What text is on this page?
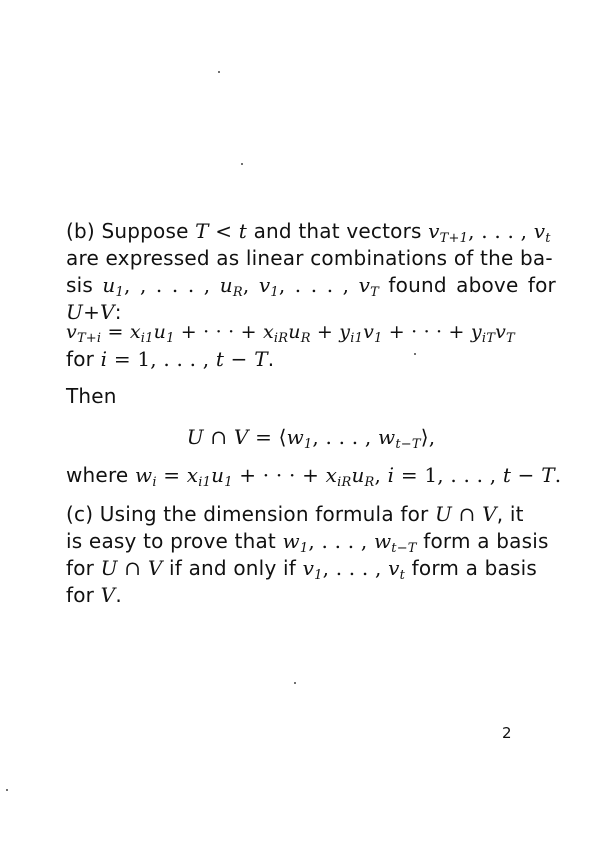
(b) Suppose T < t and that vectors $v_{T+1}$, . . . , $v_t$
are expressed as linear combinations of the ba-
sis $u_1$, , . . . , $u_R$, $v_1$, . . . , $v_T$ found above for U+V:
$v_{T+i} = x_{i1}u_1$ + · · · + $x_{iR}u_R + y_{i1}v_1$ + · · · + $y_{iT}v_T$
for i = 1, . . . , t − T.
Then
U ∩ $V = ⟨w_1$, . . . , $w_{t-T}⟩$,
where $w_i = x_{i1}u_1$ + · · · + $x_{iR}u_R$, i = 1, . . . , t − T.
(c) Using the dimension formula for U ∩ V, it
is easy to prove that $w_1$, . . . , $w_{t-T}$ form a basis
for U ∩ V if and only if $v_1$, . . . , $v_t$ form a basis
for V.
2
